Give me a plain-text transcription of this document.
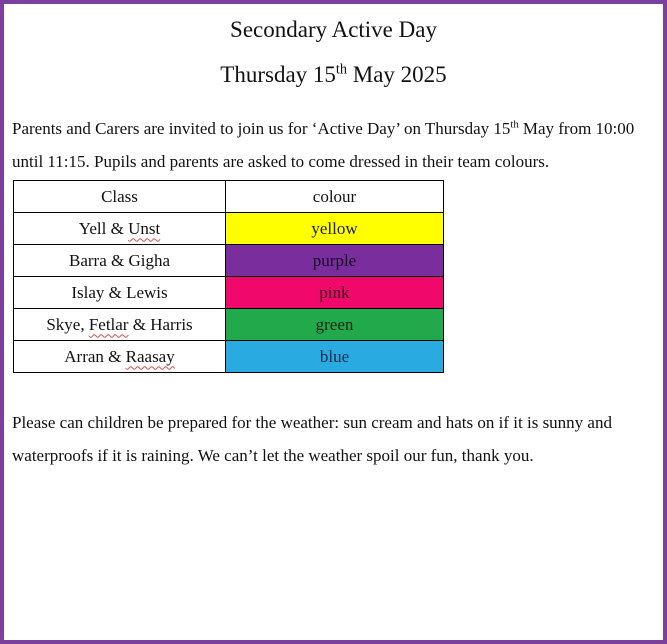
Secondary Active Day
Thursday 15th May 2025

Parents and Carers are invited to join us for ‘Active Day’ on Thursday 15th May from 10:00 until 11:15. Pupils and parents are asked to come dressed in their team colours.

Class	colour
Yell & Unst	yellow
Barra & Gigha	purple
Islay & Lewis	pink
Skye, Fetlar & Harris	green
Arran & Raasay	blue

Please can children be prepared for the weather: sun cream and hats on if it is sunny and waterproofs if it is raining. We can’t let the weather spoil our fun, thank you.
